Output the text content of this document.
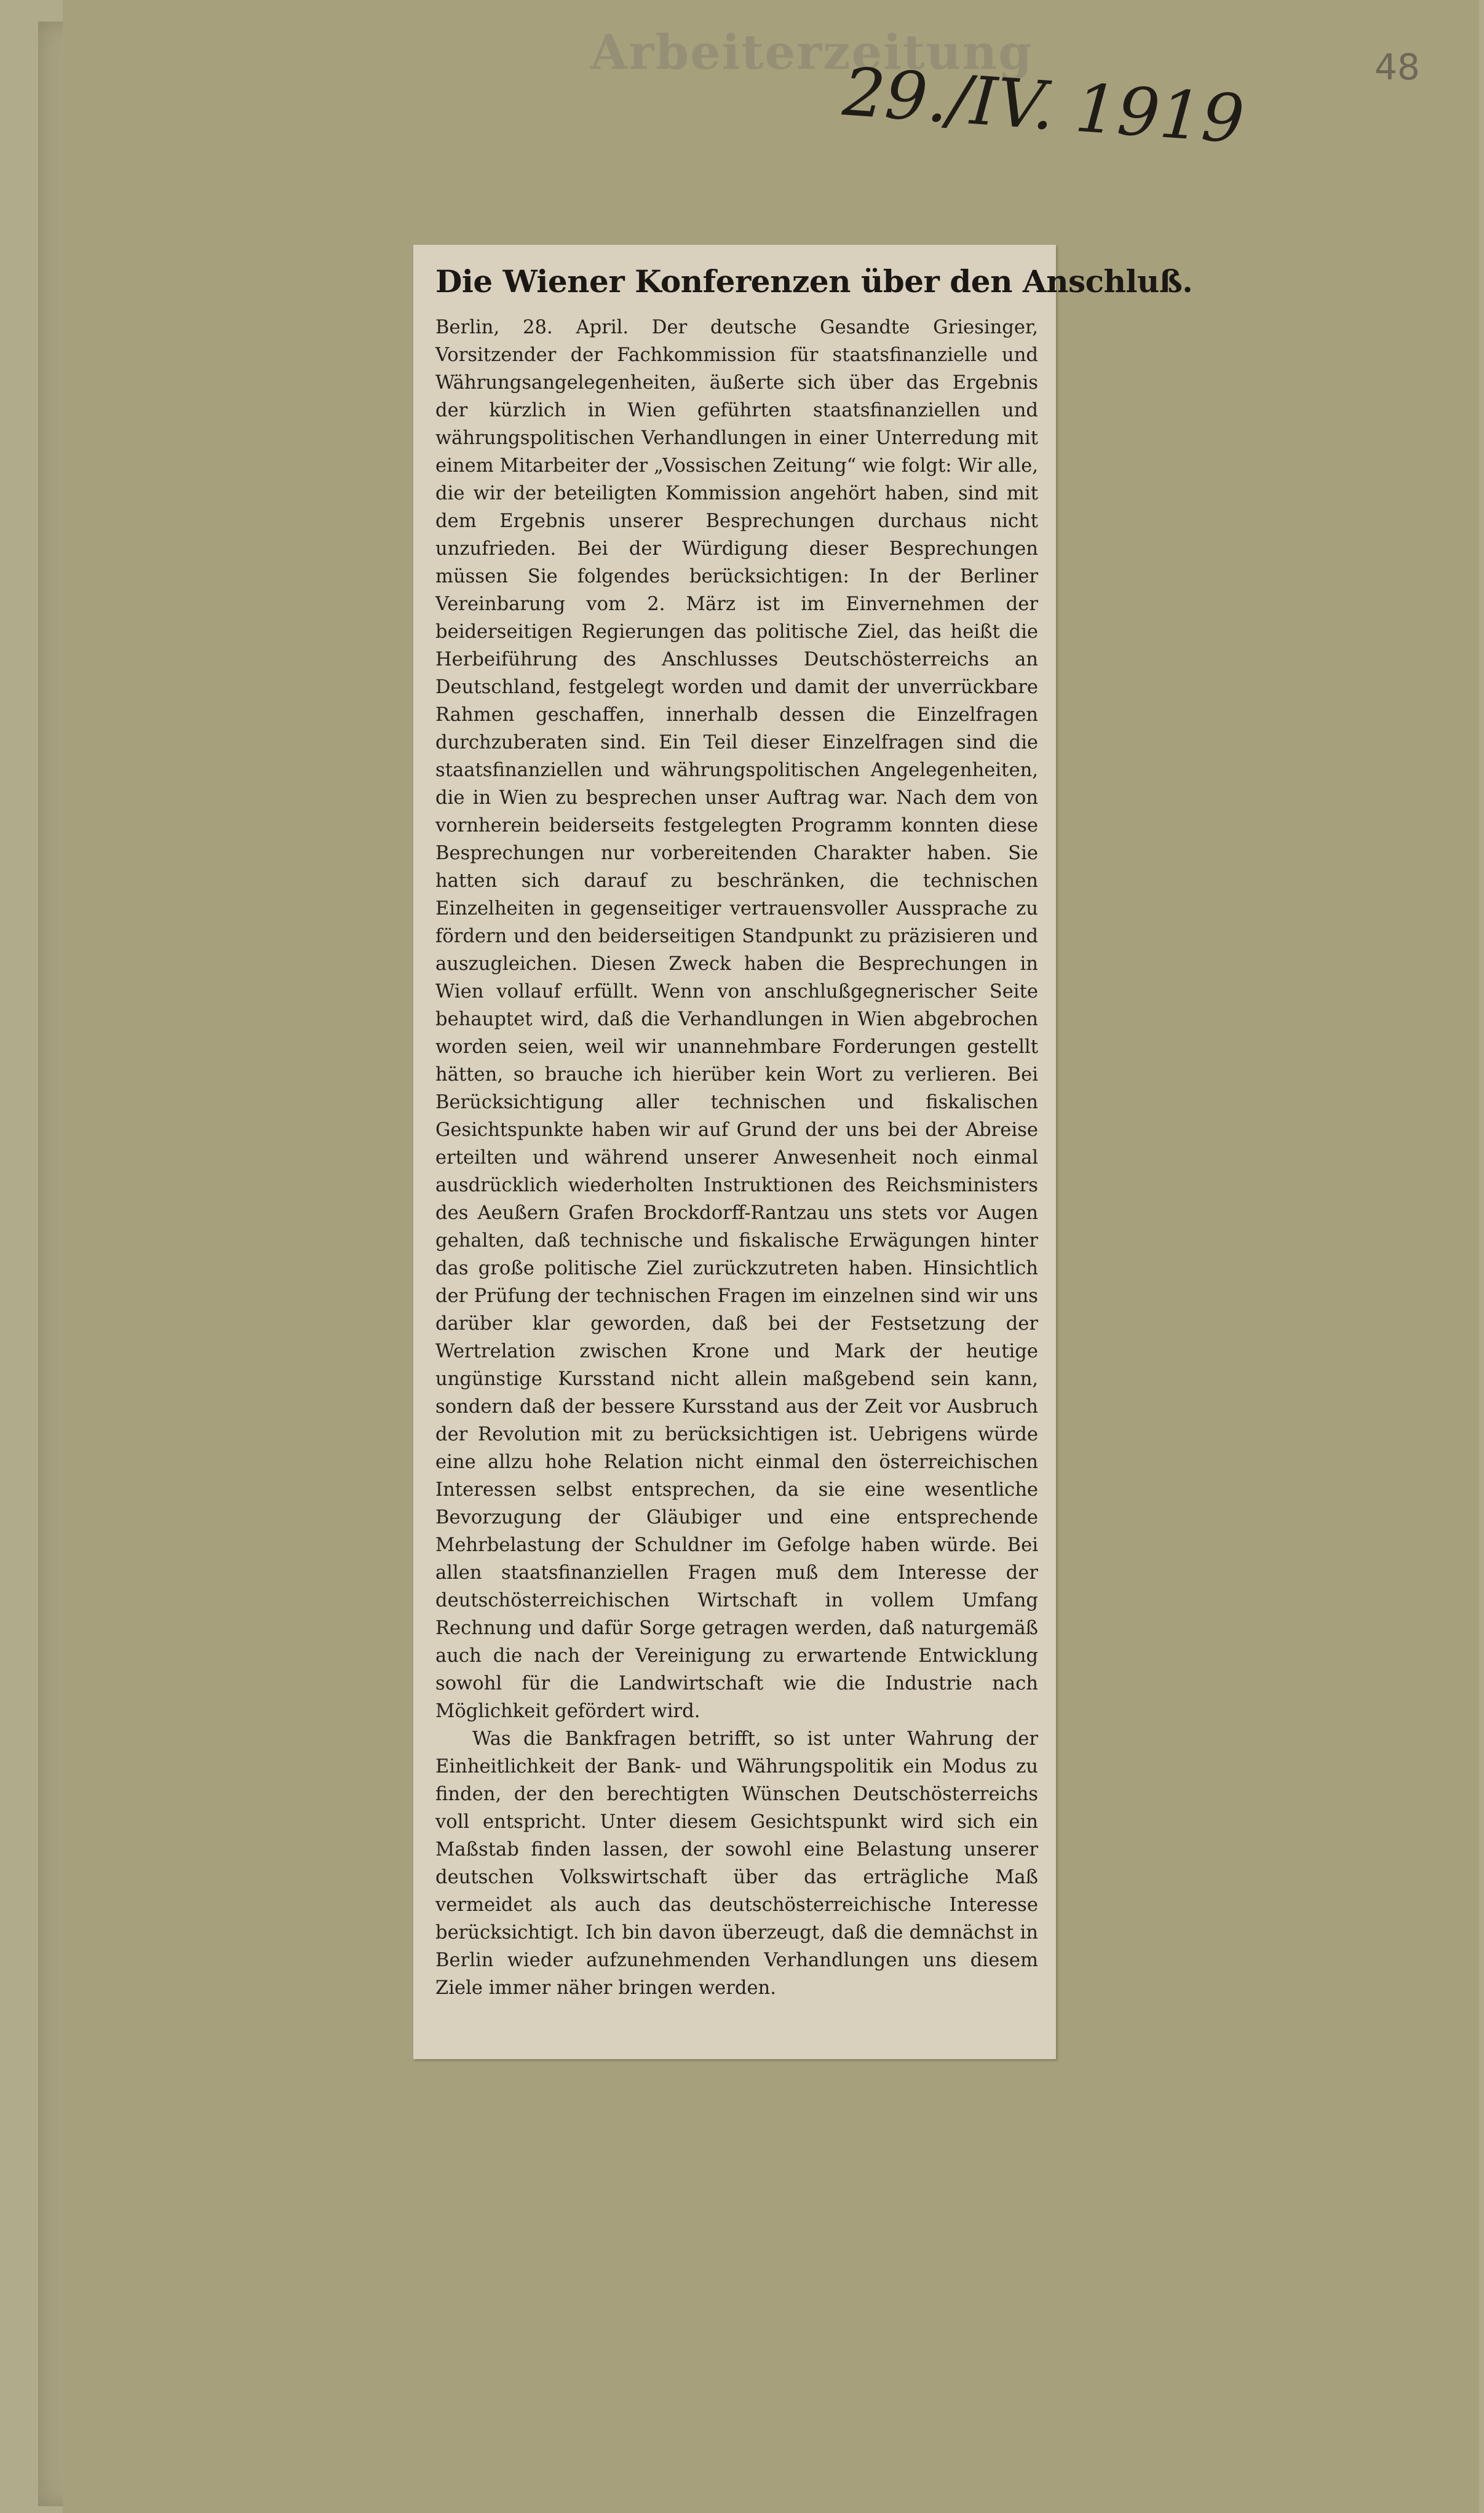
Arbeiterzeitung
29./IV. 1919	48
Die Wiener Konferenzen über den Anschluß.

Berlin, 28. April. Der deutsche Gesandte Griesinger, Vorsitzender der Fachkommission für staatsfinanzielle und Währungsangelegenheiten, äußerte sich über das Ergebnis der kürzlich in Wien geführten staatsfinanziellen und währungspolitischen Verhandlungen in einer Unterredung mit einem Mitarbeiter der „Vossischen Zeitung“ wie folgt: Wir alle, die wir der beteiligten Kommission angehört haben, sind mit dem Ergebnis unserer Besprechungen durchaus nicht unzufrieden. Bei der Würdigung dieser Besprechungen müssen Sie folgendes berücksichtigen: In der Berliner Vereinbarung vom 2. März ist im Einvernehmen der beiderseitigen Regierungen das politische Ziel, das heißt die Herbeiführung des Anschlusses Deutschösterreichs an Deutschland, festgelegt worden und damit der unverrückbare Rahmen geschaffen, innerhalb dessen die Einzelfragen durchzuberaten sind. Ein Teil dieser Einzelfragen sind die staatsfinanziellen und währungspolitischen Angelegenheiten, die in Wien zu besprechen unser Auftrag war. Nach dem von vornherein beiderseits festgelegten Programm konnten diese Besprechungen nur vorbereitenden Charakter haben. Sie hatten sich darauf zu beschränken, die technischen Einzelheiten in gegenseitiger vertrauensvoller Aussprache zu fördern und den beiderseitigen Standpunkt zu präzisieren und auszugleichen. Diesen Zweck haben die Besprechungen in Wien vollauf erfüllt. Wenn von anschlußgegnerischer Seite behauptet wird, daß die Verhandlungen in Wien abgebrochen worden seien, weil wir unannehmbare Forderungen gestellt hätten, so brauche ich hierüber kein Wort zu verlieren. Bei Berücksichtigung aller technischen und fiskalischen Gesichtspunkte haben wir auf Grund der uns bei der Abreise erteilten und während unserer Anwesenheit noch einmal ausdrücklich wiederholten Instruktionen des Reichsministers des Aeußern Grafen Brockdorff-Rantzau uns stets vor Augen gehalten, daß technische und fiskalische Erwägungen hinter das große politische Ziel zurückzutreten haben. Hinsichtlich der Prüfung der technischen Fragen im einzelnen sind wir uns darüber klar geworden, daß bei der Festsetzung der Wertrelation zwischen Krone und Mark der heutige ungünstige Kursstand nicht allein maßgebend sein kann, sondern daß der bessere Kursstand aus der Zeit vor Ausbruch der Revolution mit zu berücksichtigen ist. Uebrigens würde eine allzu hohe Relation nicht einmal den österreichischen Interessen selbst entsprechen, da sie eine wesentliche Bevorzugung der Gläubiger und eine entsprechende Mehrbelastung der Schuldner im Gefolge haben würde. Bei allen staatsfinanziellen Fragen muß dem Interesse der deutschösterreichischen Wirtschaft in vollem Umfang Rechnung und dafür Sorge getragen werden, daß naturgemäß auch die nach der Vereinigung zu erwartende Entwicklung sowohl für die Landwirtschaft wie die Industrie nach Möglichkeit gefördert wird.

Was die Bankfragen betrifft, so ist unter Wahrung der Einheitlichkeit der Bank- und Währungspolitik ein Modus zu finden, der den berechtigten Wünschen Deutschösterreichs voll entspricht. Unter diesem Gesichtspunkt wird sich ein Maßstab finden lassen, der sowohl eine Belastung unserer deutschen Volkswirtschaft über das erträgliche Maß vermeidet als auch das deutschösterreichische Interesse berücksichtigt. Ich bin davon überzeugt, daß die demnächst in Berlin wieder aufzunehmenden Verhandlungen uns diesem Ziele immer näher bringen werden.
